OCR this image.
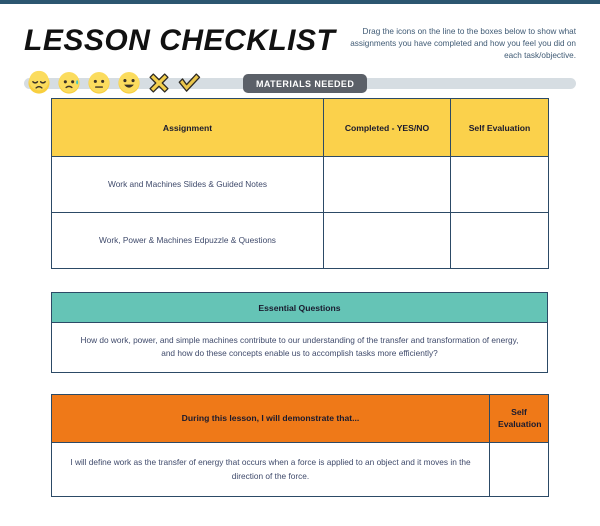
LESSON CHECKLIST	Drag the icons on the line to the boxes below to show what assignments you have completed and how you feel you did on each task/objective.
MATERIALS NEEDED
Assignment	Completed - YES/NO	Self Evaluation
Work and Machines Slides & Guided Notes		
Work, Power & Machines Edpuzzle & Questions		
Essential Questions
How do work, power, and simple machines contribute to our understanding of the transfer and transformation of energy, and how do these concepts enable us to accomplish tasks more efficiently?
During this lesson, I will demonstrate that...	Self Evaluation
I will define work as the transfer of energy that occurs when a force is applied to an object and it moves in the direction of the force.	
